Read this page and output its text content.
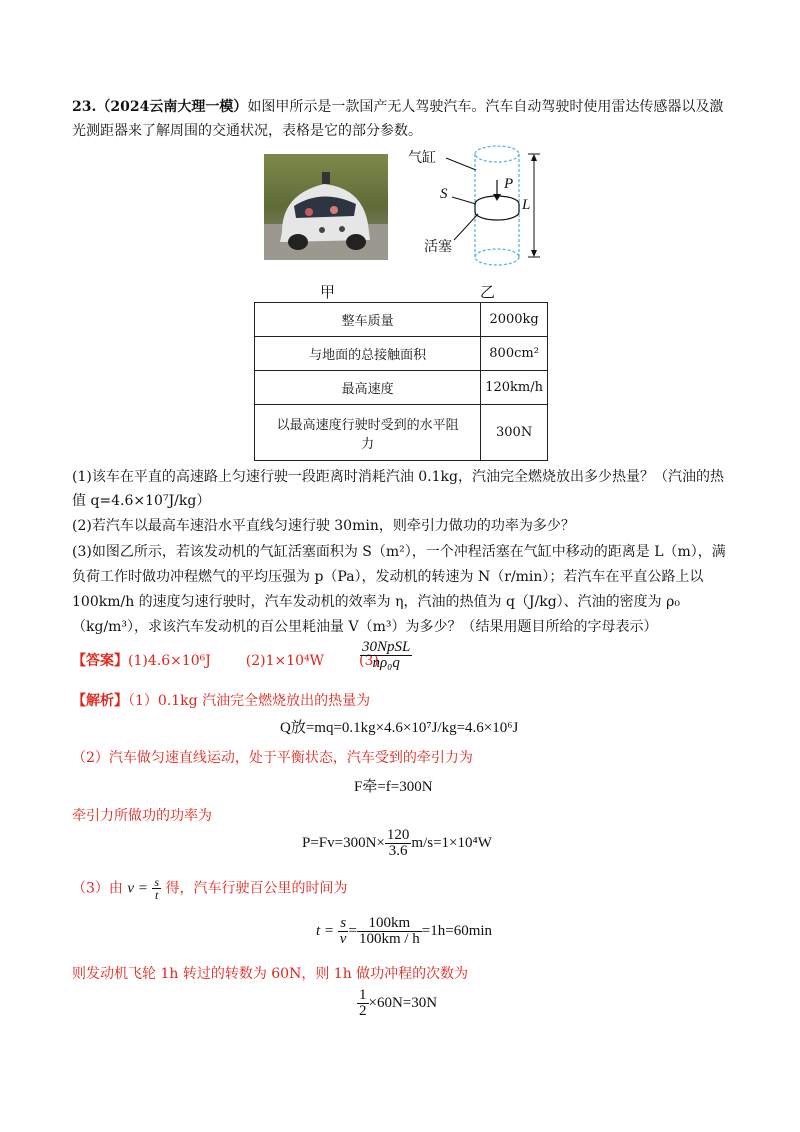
23.（2024云南大理一模）如图甲所示是一款国产无人驾驶汽车。汽车自动驾驶时使用雷达传感器以及激
光测距器来了解周围的交通状况，表格是它的部分参数。
气缸
S
P
L
活塞
甲	乙
整车质量	2000kg
与地面的总接触面积	800cm²
最高速度	120km/h

以最高速度行驶时受到的水平阻
力	300N
(1)该车在平直的高速路上匀速行驶一段距离时消耗汽油 0.1kg，汽油完全燃烧放出多少热量？（汽油的热
值 q=4.6×10⁷J/kg）
(2)若汽车以最高车速沿水平直线匀速行驶 30min，则牵引力做功的功率为多少？
(3)如图乙所示，若该发动机的气缸活塞面积为 S（m²），一个冲程活塞在气缸中移动的距离是 L（m），满
负荷工作时做功冲程燃气的平均压强为 p（Pa），发动机的转速为 N（r/min）；若汽车在平直公路上以
100km/h 的速度匀速行驶时，汽车发动机的效率为 η，汽油的热值为 q（J/kg）、汽油的密度为 ρ₀
（kg/m³），求该汽车发动机的百公里耗油量 V（m³）为多少？（结果用题目所给的字母表示）
【答案】(1)4.6×10⁶J (2)1×10⁴W (3)
$\frac{\text{30NpSL}}{\text{nρ₀q}}$
【解析】（1）0.1kg 汽油完全燃烧放出的热量为
Q放=mq=0.1kg×4.6×10⁷J/kg=4.6×10⁶J
（2）汽车做匀速直线运动，处于平衡状态，汽车受到的牵引力为
F牵=f=300N
牵引力所做功的功率为
$P=Fv=300N\times \frac{120}{3.6} m/s=1\times 10^4W$
（3）由 $v = \frac{s}{t}$ 得，汽车行驶百公里的时间为
$t = \frac{s}{v} = \frac{100km}{100km / h} =1h=60\min$
则发动机飞轮 1h 转过的转数为 60N，则 1h 做功冲程的次数为
$\frac{1}{2} \times 60N=30N$
